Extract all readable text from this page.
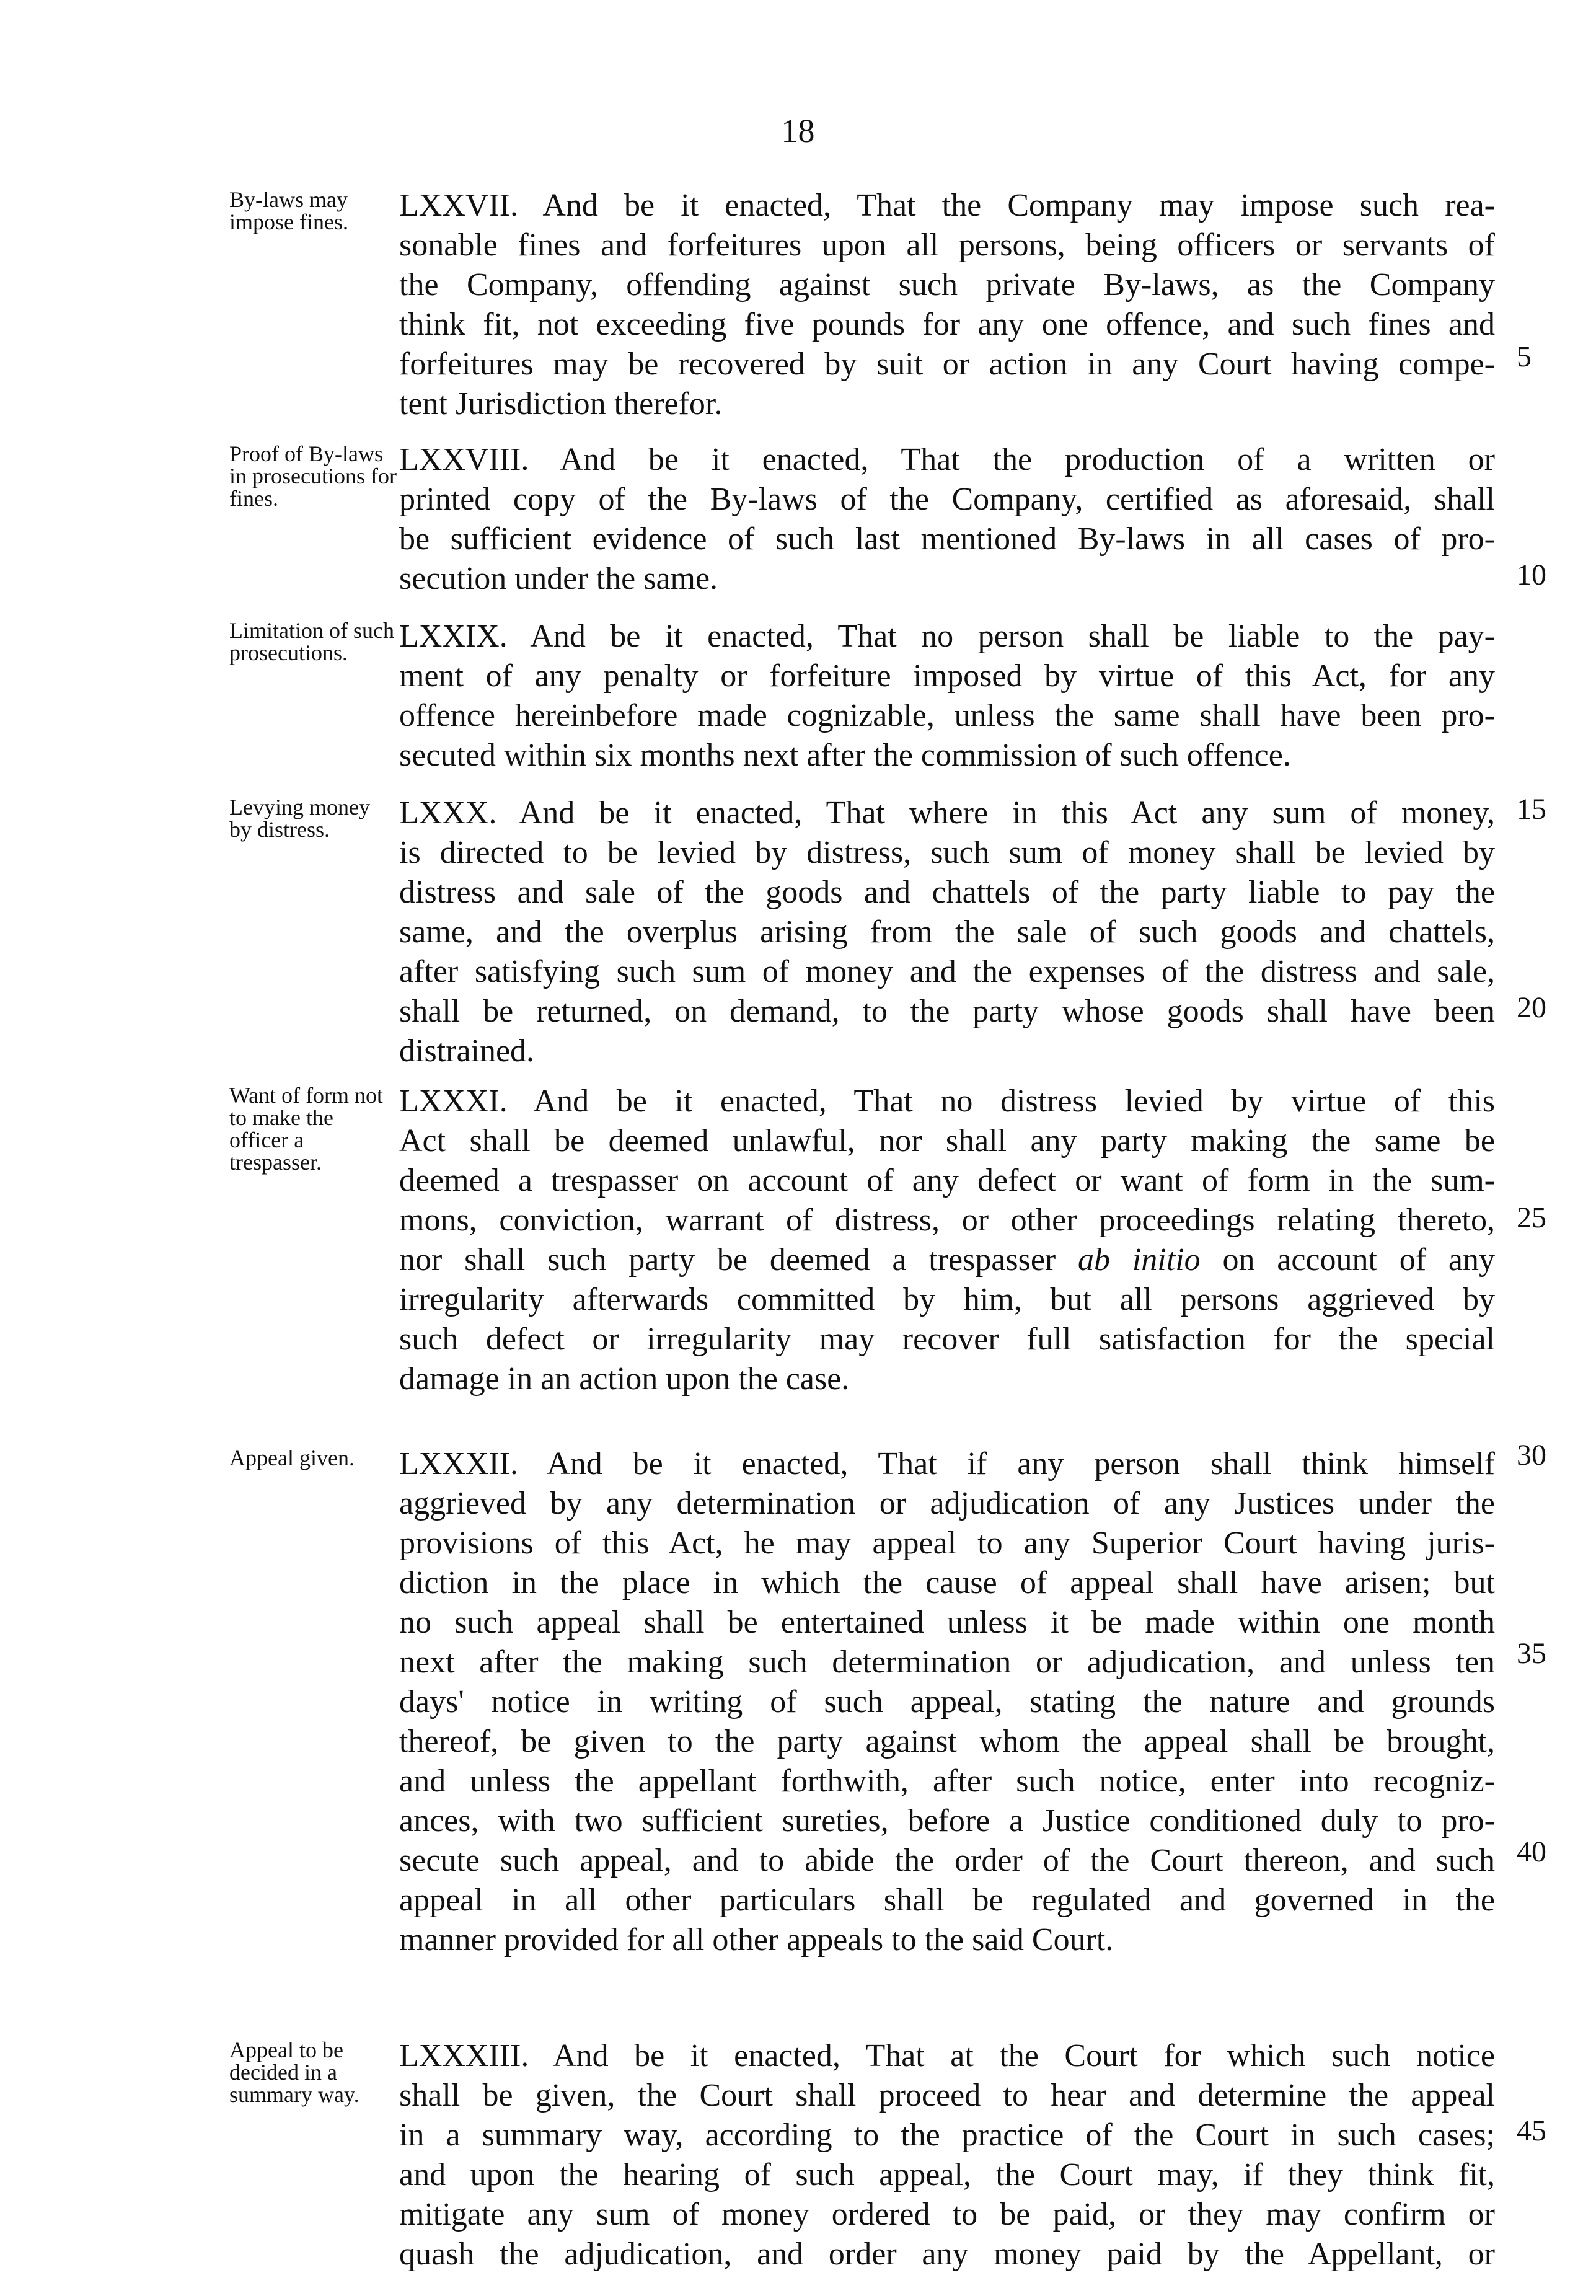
18
By-laws may impose fines.	LXXVII. And be it enacted, That the Company may impose such rea-
sonable fines and forfeitures upon all persons, being officers or servants of
the Company, offending against such private By-laws, as the Company
think fit, not exceeding five pounds for any one offence, and such fines and
forfeitures may be recovered by suit or action in any Court having compe-
tent Jurisdiction therefor.
Proof of By-laws in prosecutions for fines.
LXXVIII. And be it enacted, That the production of a written or
printed copy of the By-laws of the Company, certified as aforesaid, shall
be sufficient evidence of such last mentioned By-laws in all cases of pro-
secution under the same.
Limitation of such prosecutions.	LXXIX. And be it enacted, That no person shall be liable to the pay-
ment of any penalty or forfeiture imposed by virtue of this Act, for any
offence hereinbefore made cognizable, unless the same shall have been pro-
secuted within six months next after the commission of such offence.
Levying money by distress.	LXXX. And be it enacted, That where in this Act any sum of money,
is directed to be levied by distress, such sum of money shall be levied by
distress and sale of the goods and chattels of the party liable to pay the
same, and the overplus arising from the sale of such goods and chattels,
after satisfying such sum of money and the expenses of the distress and sale,
shall be returned, on demand, to the party whose goods shall have been
distrained.
Want of form not to make the officer a trespasser.
LXXXI. And be it enacted, That no distress levied by virtue of this
Act shall be deemed unlawful, nor shall any party making the same be
deemed a trespasser on account of any defect or want of form in the sum-
mons, conviction, warrant of distress, or other proceedings relating thereto,
nor shall such party be deemed a trespasser ab initio on account of any
irregularity afterwards committed by him, but all persons aggrieved by
such defect or irregularity may recover full satisfaction for the special
damage in an action upon the case.
Appeal given.	LXXXII. And be it enacted, That if any person shall think himself
aggrieved by any determination or adjudication of any Justices under the
provisions of this Act, he may appeal to any Superior Court having juris-
diction in the place in which the cause of appeal shall have arisen; but
no such appeal shall be entertained unless it be made within one month
next after the making such determination or adjudication, and unless ten
days' notice in writing of such appeal, stating the nature and grounds
thereof, be given to the party against whom the appeal shall be brought,
and unless the appellant forthwith, after such notice, enter into recogniz-
ances, with two sufficient sureties, before a Justice conditioned duly to pro-
secute such appeal, and to abide the order of the Court thereon, and such
appeal in all other particulars shall be regulated and governed in the
manner provided for all other appeals to the said Court.
Appeal to be decided in a summary way.
LXXXIII. And be it enacted, That at the Court for which such notice
shall be given, the Court shall proceed to hear and determine the appeal
in a summary way, according to the practice of the Court in such cases;
and upon the hearing of such appeal, the Court may, if they think fit,
mitigate any sum of money ordered to be paid, or they may confirm or
quash the adjudication, and order any money paid by the Appellant, or
5
10
15
20
25
30
35
40
45
